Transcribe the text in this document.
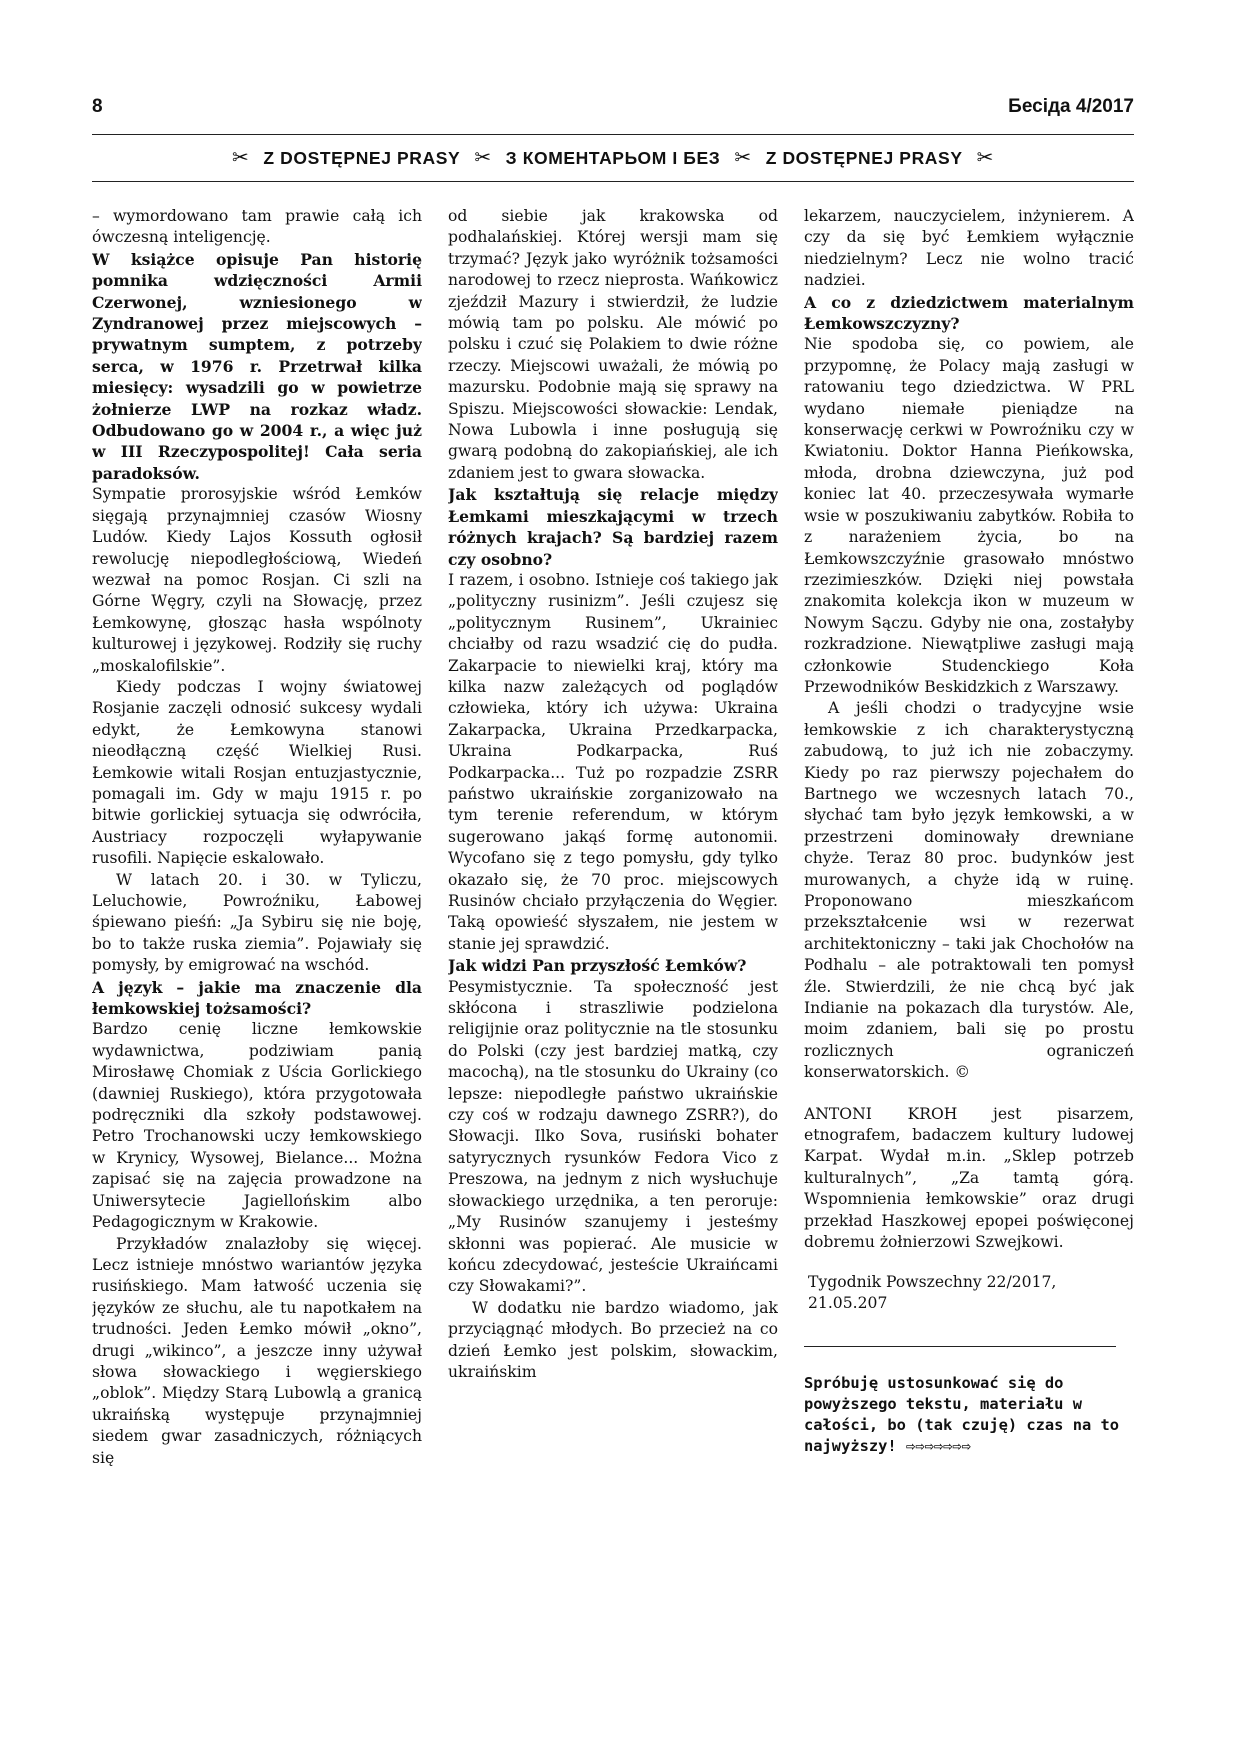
8	Бесіда 4/2017
✂ Z DOSTĘPNEJ PRASY ✂ З КОМЕНТАРЬОМ І БЕЗ ✂ Z DOSTĘPNEJ PRASY ✂

– wymordowano tam prawie całą ich ówczesną inteligencję.

W książce opisuje Pan historię pomnika wdzięczności Armii Czerwonej, wzniesionego w Zyndranowej przez miejscowych – prywatnym sumptem, z potrzeby serca, w 1976 r. Przetrwał kilka miesięcy: wysadzili go w powietrze żołnierze LWP na rozkaz władz. Odbudowano go w 2004 r., a więc już w III Rzeczypospolitej! Cała seria paradoksów.

Sympatie prorosyjskie wśród Łemków sięgają przynajmniej czasów Wiosny Ludów. Kiedy Lajos Kossuth ogłosił rewolucję niepodległościową, Wiedeń wezwał na pomoc Rosjan. Ci szli na Górne Węgry, czyli na Słowację, przez Łemkowynę, głosząc hasła wspólnoty kulturowej i językowej. Rodziły się ruchy „moskalofilskie”.

Kiedy podczas I wojny światowej Rosjanie zaczęli odnosić sukcesy wydali edykt, że Łemkowyna stanowi nieodłączną część Wielkiej Rusi. Łemkowie witali Rosjan entuzjastycznie, pomagali im. Gdy w maju 1915 r. po bitwie gorlickiej sytuacja się odwróciła, Austriacy rozpoczęli wyłapywanie rusofili. Napięcie eskalowało.

W latach 20. i 30. w Tyliczu, Leluchowie, Powroźniku, Łabowej śpiewano pieśń: „Ja Sybiru się nie boję, bo to także ruska ziemia”. Pojawiały się pomysły, by emigrować na wschód.

A język – jakie ma znaczenie dla łemkowskiej tożsamości?

Bardzo cenię liczne łemkowskie wydawnictwa, podziwiam panią Mirosławę Chomiak z Uścia Gorlickiego (dawniej Ruskiego), która przygotowała podręczniki dla szkoły podstawowej. Petro Trochanowski uczy łemkowskiego w Krynicy, Wysowej, Bielance... Można zapisać się na zajęcia prowadzone na Uniwersytecie Jagiellońskim albo Pedagogicznym w Krakowie.

Przykładów znalazłoby się więcej. Lecz istnieje mnóstwo wariantów języka rusińskiego. Mam łatwość uczenia się języków ze słuchu, ale tu napotkałem na trudności. Jeden Łemko mówił „okno”, drugi „wikinco”, a jeszcze inny używał słowa słowackiego i węgierskiego „oblok”. Między Starą Lubowlą a granicą ukraińską występuje przynajmniej siedem gwar zasadniczych, różniących się

od siebie jak krakowska od podhalańskiej. Której wersji mam się trzymać? Język jako wyróżnik tożsamości narodowej to rzecz nieprosta. Wańkowicz zjeździł Mazury i stwierdził, że ludzie mówią tam po polsku. Ale mówić po polsku i czuć się Polakiem to dwie różne rzeczy. Miejscowi uważali, że mówią po mazursku. Podobnie mają się sprawy na Spiszu. Miejscowości słowackie: Lendak, Nowa Lubowla i inne posługują się gwarą podobną do zakopiańskiej, ale ich zdaniem jest to gwara słowacka.

Jak kształtują się relacje między Łemkami mieszkającymi w trzech różnych krajach? Są bardziej razem czy osobno?

I razem, i osobno. Istnieje coś takiego jak „polityczny rusinizm”. Jeśli czujesz się „politycznym Rusinem”, Ukrainiec chciałby od razu wsadzić cię do pudła. Zakarpacie to niewielki kraj, który ma kilka nazw zależących od poglądów człowieka, który ich używa: Ukraina Zakarpacka, Ukraina Przedkarpacka, Ukraina Podkarpacka, Ruś Podkarpacka... Tuż po rozpadzie ZSRR państwo ukraińskie zorganizowało na tym terenie referendum, w którym sugerowano jakąś formę autonomii. Wycofano się z tego pomysłu, gdy tylko okazało się, że 70 proc. miejscowych Rusinów chciało przyłączenia do Węgier. Taką opowieść słyszałem, nie jestem w stanie jej sprawdzić.

Jak widzi Pan przyszłość Łemków?

Pesymistycznie. Ta społeczność jest skłócona i straszliwie podzielona religijnie oraz politycznie na tle stosunku do Polski (czy jest bardziej matką, czy macochą), na tle stosunku do Ukrainy (co lepsze: niepodległe państwo ukraińskie czy coś w rodzaju dawnego ZSRR?), do Słowacji. Ilko Sova, rusiński bohater satyrycznych rysunków Fedora Vico z Preszowa, na jednym z nich wysłuchuje słowackiego urzędnika, a ten peroruje: „My Rusinów szanujemy i jesteśmy skłonni was popierać. Ale musicie w końcu zdecydować, jesteście Ukraińcami czy Słowakami?”.

W dodatku nie bardzo wiadomo, jak przyciągnąć młodych. Bo przecież na co dzień Łemko jest polskim, słowackim, ukraińskim

lekarzem, nauczycielem, inżynierem. A czy da się być Łemkiem wyłącznie niedzielnym? Lecz nie wolno tracić nadziei.

A co z dziedzictwem materialnym Łemkowszczyzny?

Nie spodoba się, co powiem, ale przypomnę, że Polacy mają zasługi w ratowaniu tego dziedzictwa. W PRL wydano niemałe pieniądze na konserwację cerkwi w Powroźniku czy w Kwiatoniu. Doktor Hanna Pieńkowska, młoda, drobna dziewczyna, już pod koniec lat 40. przeczesywała wymarłe wsie w poszukiwaniu zabytków. Robiła to z narażeniem życia, bo na Łemkowszczyźnie grasowało mnóstwo rzezimieszków. Dzięki niej powstała znakomita kolekcja ikon w muzeum w Nowym Sączu. Gdyby nie ona, zostałyby rozkradzione. Niewątpliwe zasługi mają członkowie Studenckiego Koła Przewodników Beskidzkich z Warszawy.

A jeśli chodzi o tradycyjne wsie łemkowskie z ich charakterystyczną zabudową, to już ich nie zobaczymy. Kiedy po raz pierwszy pojechałem do Bartnego we wczesnych latach 70., słychać tam było język łemkowski, a w przestrzeni dominowały drewniane chyże. Teraz 80 proc. budynków jest murowanych, a chyże idą w ruinę. Proponowano mieszkańcom przekształcenie wsi w rezerwat architektoniczny – taki jak Chochołów na Podhalu – ale potraktowali ten pomysł źle. Stwierdzili, że nie chcą być jak Indianie na pokazach dla turystów. Ale, moim zdaniem, bali się po prostu rozlicznych ograniczeń konserwatorskich. ©

ANTONI KROH jest pisarzem, etnografem, badaczem kultury ludowej Karpat. Wydał m.in. „Sklep potrzeb kulturalnych”, „Za tamtą górą. Wspomnienia łemkowskie” oraz drugi przekład Haszkowej epopei poświęconej dobremu żołnierzowi Szwejkowi.

Tygodnik Powszechny 22/2017, 21.05.207

Spróbuję ustosunkować się do powyższego tekstu, materiału w całości, bo (tak czuję) czas na to najwyższy! ⇨⇨⇨⇨⇨⇨⇨
